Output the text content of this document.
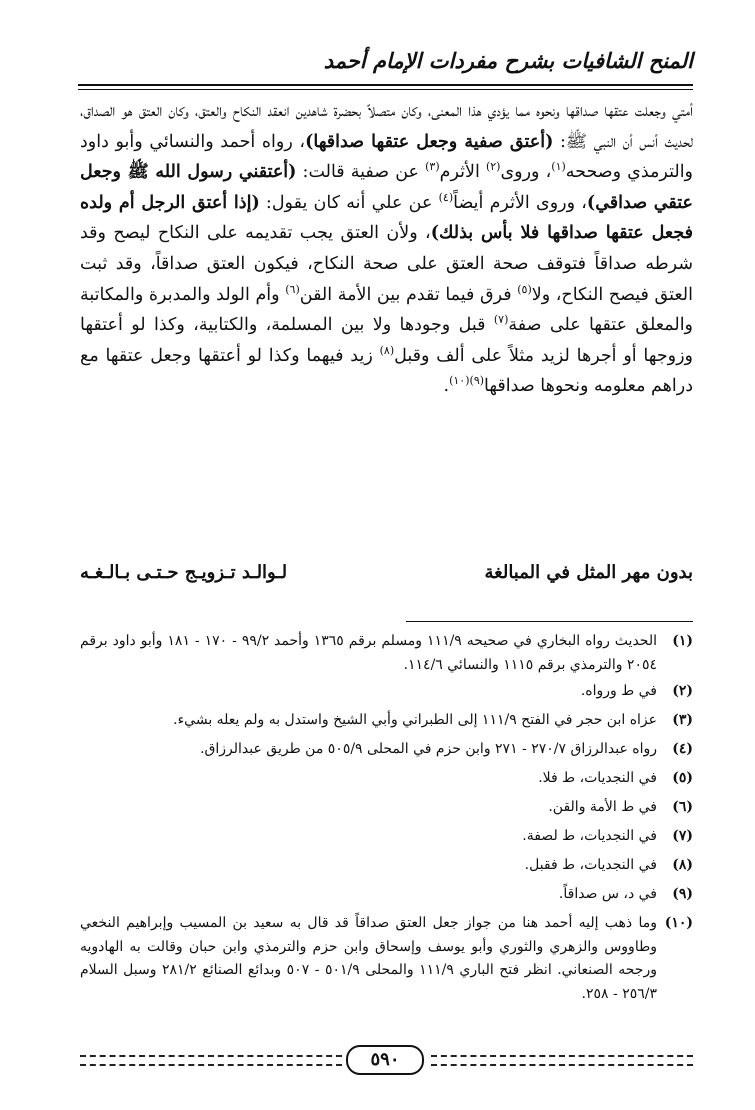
المنح الشافيات بشرح مفردات الإمام أحمد
أمتي وجعلت عتقها صداقها ونحوه مما يؤدي هذا المعنى، وكان متصلاً بحضرة شاهدين انعقد النكاح والعتق، وكان العتق هو الصداق، لحديث أنس أن النبي ﷺ: (أعتق صفية وجعل عتقها صداقها)، رواه أحمد والنسائي وأبو داود والترمذي وصححه$^{(١)}$، وروى$^{(٢)}$ الأثرم$^{(٣)}$ عن صفية قالت: (أعتقني رسول الله ﷺ وجعل عتقي صداقي)، وروى الأثرم أيضاً$^{(٤)}$ عن علي أنه كان يقول: (إذا أعتق الرجل أم ولده فجعل عتقها صداقها فلا بأس بذلك)، ولأن العتق يجب تقديمه على النكاح ليصح وقد شرطه صداقاً فتوقف صحة العتق على صحة النكاح، فيكون العتق صداقاً، وقد ثبت العتق فيصح النكاح، ولا$^{(٥)}$ فرق فيما تقدم بين الأمة القن$^{(٦)}$ وأم الولد والمدبرة والمكاتبة والمعلق عتقها على صفة$^{(٧)}$ قبل وجودها ولا بين المسلمة، والكتابية، وكذا لو أعتقها وزوجها أو أجرها لزيد مثلاً على ألف وقبل$^{(٨)}$ زيد فيهما وكذا لو أعتقها وجعل عتقها مع دراهم معلومه ونحوها صداقها$^{(٩)(١٠)}$.
بدون مهر المثل في المبالغة
لـوالـد تـزويـج حـتـى بـالـغـه
(١)
الحديث رواه البخاري في صحيحه ١١١/٩ ومسلم برقم ١٣٦٥ وأحمد ٩٩/٢ - ١٧٠ - ١٨١ وأبو داود برقم ٢٠٥٤ والترمذي برقم ١١١٥ والنسائي ١١٤/٦.
(٢)
في ط ورواه.
(٣)
عزاه ابن حجر في الفتح ١١١/٩ إلى الطبراني وأبي الشيخ واستدل به ولم يعله بشيء.
(٤)
رواه عبدالرزاق ٢٧٠/٧ - ٢٧١ وابن حزم في المحلى ٥٠٥/٩ من طريق عبدالرزاق.
(٥)
في النجديات، ط فلا.
(٦)
في ط الأمة والقن.
(٧)
في النجديات، ط لصفة.
(٨)
في النجديات، ط فقبل.
(٩)
في د، س صداقاً.
(١٠)
وما ذهب إليه أحمد هنا من جواز جعل العتق صداقاً قد قال به سعيد بن المسيب وإبراهيم النخعي وطاووس والزهري والثوري وأبو يوسف وإسحاق وابن حزم والترمذي وابن حبان وقالت به الهادويه ورجحه الصنعاني. انظر فتح الباري ١١١/٩ والمحلى ٥٠١/٩ - ٥٠٧ وبدائع الصنائع ٢٨١/٢ وسبل السلام ٢٥٦/٣ - ٢٥٨.
٥٩٠
